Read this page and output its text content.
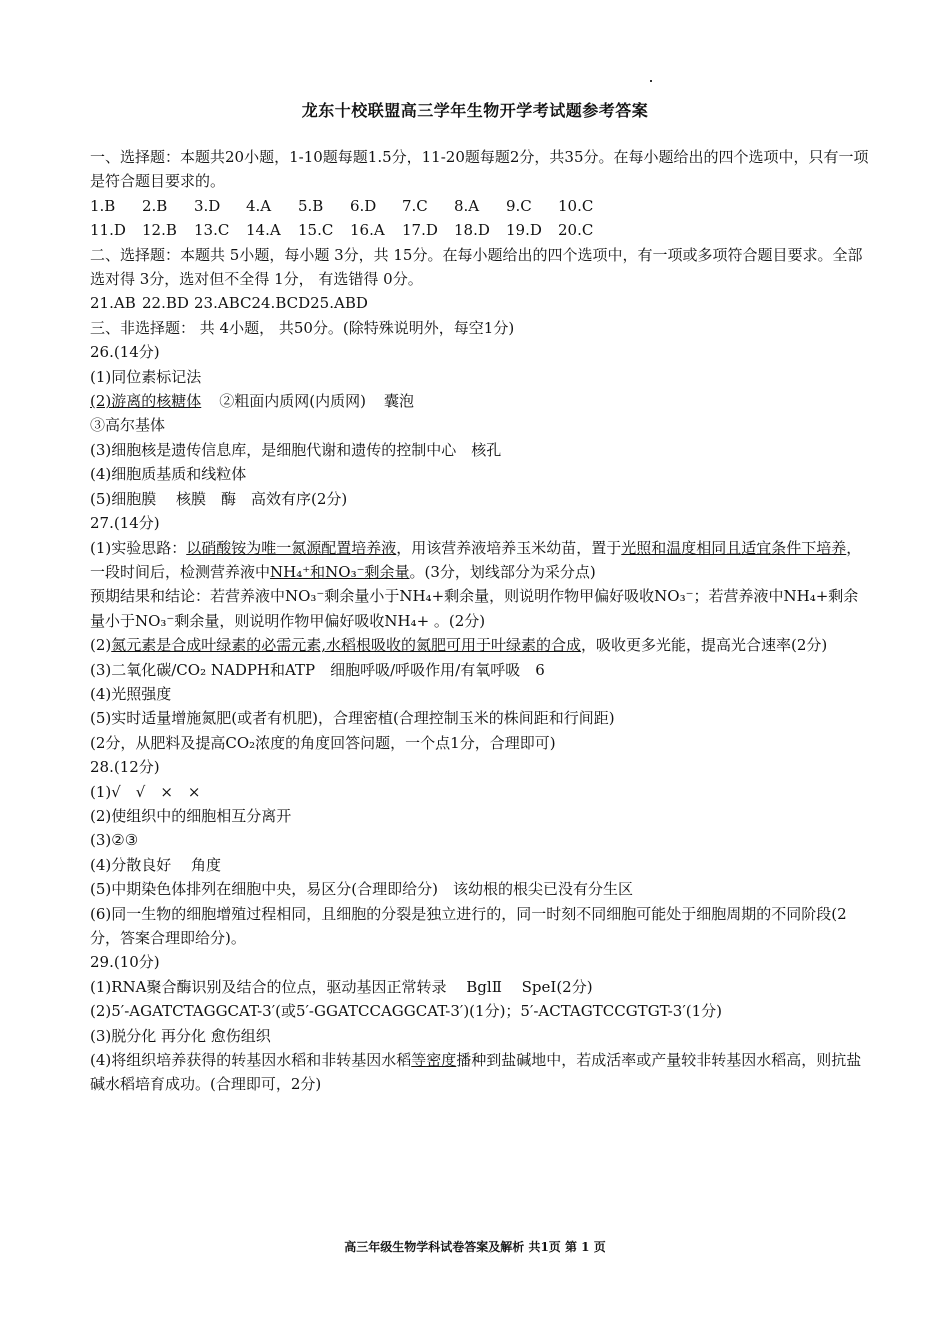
龙东十校联盟高三学年生物开学考试题参考答案
一、选择题：本题共20小题，1-10题每题1.5分，11-20题每题2分，共35分。在每小题给出的四个选项中，只有一项是符合题目要求的。
1.B 2.B 3.D 4.A 5.B 6.D 7.C 8.A 9.C 10.C
11.D 12.B 13.C 14.A 15.C 16.A 17.D 18.D 19.D 20.C
二、选择题：本题共 5小题，每小题 3分，共 15分。在每小题给出的四个选项中，有一项或多项符合题目要求。全部选对得 3分，选对但不全得 1分， 有选错得 0分。
21.AB 22.BD 23.ABC24.BCD25.ABD
三、非选择题： 共 4小题， 共50分。(除特殊说明外，每空1分)
26.(14分)
(1)同位素标记法
(2)游离的核糖体 ②粗面内质网(内质网) 囊泡
③高尔基体
(3)细胞核是遗传信息库，是细胞代谢和遗传的控制中心　核孔
(4)细胞质基质和线粒体
(5)细胞膜　 核膜　酶　高效有序(2分)
27.(14分)
(1)实验思路：以硝酸铵为唯一氮源配置培养液，用该营养液培养玉米幼苗，置于光照和温度相同且适宜条件下培养，一段时间后，检测营养液中NH₄⁺和NO₃⁻剩余量。(3分，划线部分为采分点)
预期结果和结论：若营养液中NO₃⁻剩余量小于NH₄+剩余量，则说明作物甲偏好吸收NO₃⁻；若营养液中NH₄+剩余量小于NO₃⁻剩余量，则说明作物甲偏好吸收NH₄+ 。(2分)
(2)氮元素是合成叶绿素的必需元素,水稻根吸收的氮肥可用于叶绿素的合成，吸收更多光能，提高光合速率(2分)
(3)二氧化碳/CO₂ NADPH和ATP　细胞呼吸/呼吸作用/有氧呼吸　6
(4)光照强度
(5)实时适量增施氮肥(或者有机肥)，合理密植(合理控制玉米的株间距和行间距)
(2分，从肥料及提高CO₂浓度的角度回答问题，一个点1分，合理即可)
28.(12分)
(1)√　√　×　×
(2)使组织中的细胞相互分离开
(3)②③
(4)分散良好　 角度
(5)中期染色体排列在细胞中央，易区分(合理即给分)　该幼根的根尖已没有分生区
(6)同一生物的细胞增殖过程相同，且细胞的分裂是独立进行的，同一时刻不同细胞可能处于细胞周期的不同阶段(2分，答案合理即给分)。
29.(10分)
(1)RNA聚合酶识别及结合的位点，驱动基因正常转录　 BglⅡ　 SpeⅠ(2分)
(2)5′-AGATCTAGGCAT-3′(或5′-GGATCCAGGCAT-3′)(1分)；5′-ACTAGTCCGTGT-3′(1分)
(3)脱分化 再分化 愈伤组织
(4)将组织培养获得的转基因水稻和非转基因水稻等密度播种到盐碱地中，若成活率或产量较非转基因水稻高，则抗盐碱水稻培育成功。(合理即可，2分)
高三年级生物学科试卷答案及解析 共1页 第 1 页
